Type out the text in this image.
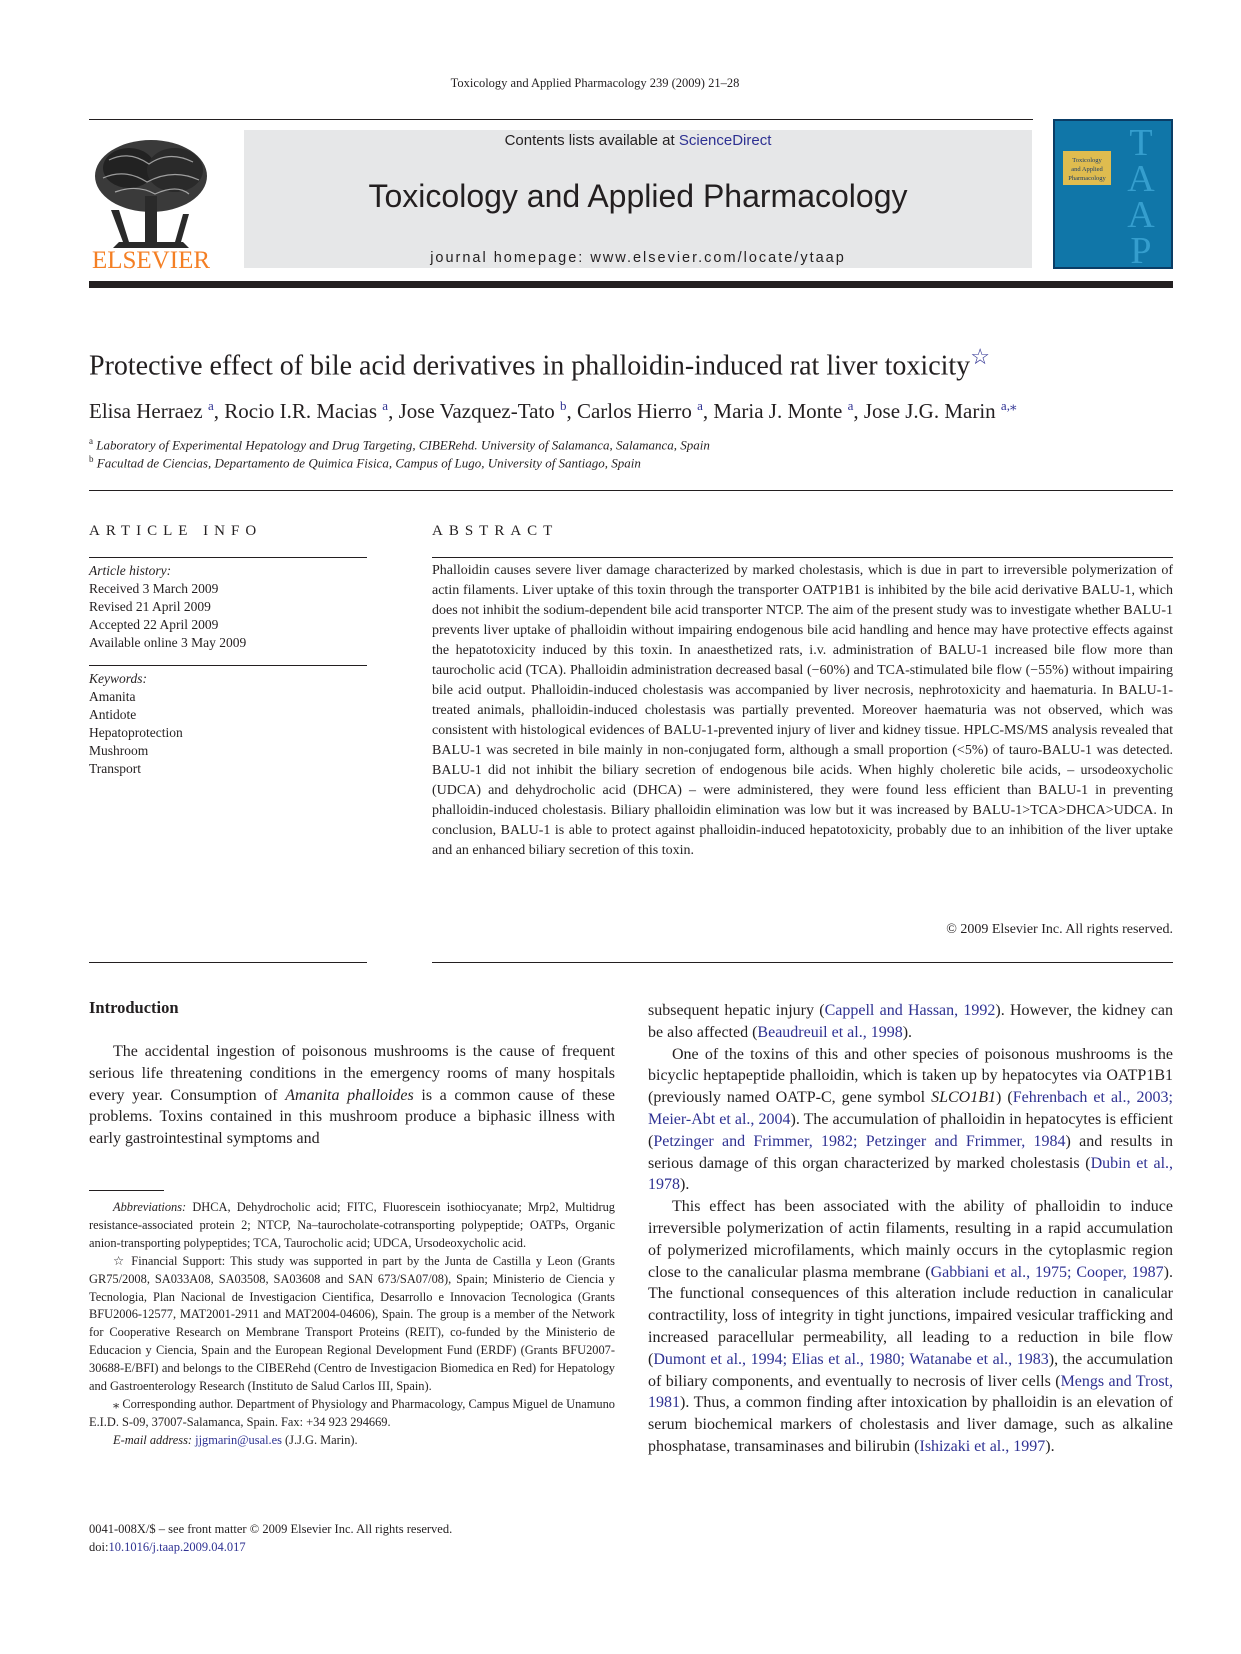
Toxicology and Applied Pharmacology 239 (2009) 21–28
ELSEVIER
Contents lists available at ScienceDirect
Toxicology and Applied Pharmacology
journal homepage: www.elsevier.com/locate/ytaap
T
A
A
P
Toxicology
and Applied
Pharmacology
Protective effect of bile acid derivatives in phalloidin-induced rat liver toxicity☆
Elisa Herraez $^a$, Rocio I.R. Macias $^a$, Jose Vazquez-Tato $^b$, Carlos Hierro $^a$, Maria J. Monte $^a$, Jose J.G. Marin $^{a,⁎}$
$^a$ Laboratory of Experimental Hepatology and Drug Targeting, CIBERehd. University of Salamanca, Salamanca, Spain
$^b$ Facultad de Ciencias, Departamento de Quimica Fisica, Campus of Lugo, University of Santiago, Spain
ARTICLE INFO
Article history:
Received 3 March 2009
Revised 21 April 2009
Accepted 22 April 2009
Available online 3 May 2009
Keywords:
Amanita
Antidote
Hepatoprotection
Mushroom
Transport
ABSTRACT
Phalloidin causes severe liver damage characterized by marked cholestasis, which is due in part to irreversible polymerization of actin filaments. Liver uptake of this toxin through the transporter OATP1B1 is inhibited by the bile acid derivative BALU-1, which does not inhibit the sodium-dependent bile acid transporter NTCP. The aim of the present study was to investigate whether BALU-1 prevents liver uptake of phalloidin without impairing endogenous bile acid handling and hence may have protective effects against the hepatotoxicity induced by this toxin. In anaesthetized rats, i.v. administration of BALU-1 increased bile flow more than taurocholic acid (TCA). Phalloidin administration decreased basal (−60%) and TCA-stimulated bile flow (−55%) without impairing bile acid output. Phalloidin-induced cholestasis was accompanied by liver necrosis, nephrotoxicity and haematuria. In BALU-1-treated animals, phalloidin-induced cholestasis was partially prevented. Moreover haematuria was not observed, which was consistent with histological evidences of BALU-1-prevented injury of liver and kidney tissue. HPLC-MS/MS analysis revealed that BALU-1 was secreted in bile mainly in non-conjugated form, although a small proportion (<5%) of tauro-BALU-1 was detected. BALU-1 did not inhibit the biliary secretion of endogenous bile acids. When highly choleretic bile acids, – ursodeoxycholic (UDCA) and dehydrocholic acid (DHCA) – were administered, they were found less efficient than BALU-1 in preventing phalloidin-induced cholestasis. Biliary phalloidin elimination was low but it was increased by BALU-1>TCA>DHCA>UDCA. In conclusion, BALU-1 is able to protect against phalloidin-induced hepatotoxicity, probably due to an inhibition of the liver uptake and an enhanced biliary secretion of this toxin.
© 2009 Elsevier Inc. All rights reserved.
Introduction

The accidental ingestion of poisonous mushrooms is the cause of frequent serious life threatening conditions in the emergency rooms of many hospitals every year. Consumption of Amanita phalloides is a common cause of these problems. Toxins contained in this mushroom produce a biphasic illness with early gastrointestinal symptoms and

Abbreviations: DHCA, Dehydrocholic acid; FITC, Fluorescein isothiocyanate; Mrp2, Multidrug resistance-associated protein 2; NTCP, Na–taurocholate-cotransporting polypeptide; OATPs, Organic anion-transporting polypeptides; TCA, Taurocholic acid; UDCA, Ursodeoxycholic acid.

☆ Financial Support: This study was supported in part by the Junta de Castilla y Leon (Grants GR75/2008, SA033A08, SA03508, SA03608 and SAN 673/SA07/08), Spain; Ministerio de Ciencia y Tecnologia, Plan Nacional de Investigacion Cientifica, Desarrollo e Innovacion Tecnologica (Grants BFU2006-12577, MAT2001-2911 and MAT2004-04606), Spain. The group is a member of the Network for Cooperative Research on Membrane Transport Proteins (REIT), co-funded by the Ministerio de Educacion y Ciencia, Spain and the European Regional Development Fund (ERDF) (Grants BFU2007-30688-E/BFI) and belongs to the CIBERehd (Centro de Investigacion Biomedica en Red) for Hepatology and Gastroenterology Research (Instituto de Salud Carlos III, Spain).

⁎ Corresponding author. Department of Physiology and Pharmacology, Campus Miguel de Unamuno E.I.D. S-09, 37007-Salamanca, Spain. Fax: +34 923 294669.

E-mail address: jjgmarin@usal.es (J.J.G. Marin).

0041-008X/$ – see front matter © 2009 Elsevier Inc. All rights reserved.
doi:10.1016/j.taap.2009.04.017

subsequent hepatic injury (Cappell and Hassan, 1992). However, the kidney can be also affected (Beaudreuil et al., 1998).

One of the toxins of this and other species of poisonous mushrooms is the bicyclic heptapeptide phalloidin, which is taken up by hepatocytes via OATP1B1 (previously named OATP-C, gene symbol SLCO1B1) (Fehrenbach et al., 2003; Meier-Abt et al., 2004). The accumulation of phalloidin in hepatocytes is efficient (Petzinger and Frimmer, 1982; Petzinger and Frimmer, 1984) and results in serious damage of this organ characterized by marked cholestasis (Dubin et al., 1978).

This effect has been associated with the ability of phalloidin to induce irreversible polymerization of actin filaments, resulting in a rapid accumulation of polymerized microfilaments, which mainly occurs in the cytoplasmic region close to the canalicular plasma membrane (Gabbiani et al., 1975; Cooper, 1987). The functional consequences of this alteration include reduction in canalicular contractility, loss of integrity in tight junctions, impaired vesicular trafficking and increased paracellular permeability, all leading to a reduction in bile flow (Dumont et al., 1994; Elias et al., 1980; Watanabe et al., 1983), the accumulation of biliary components, and eventually to necrosis of liver cells (Mengs and Trost, 1981). Thus, a common finding after intoxication by phalloidin is an elevation of serum biochemical markers of cholestasis and liver damage, such as alkaline phosphatase, transaminases and bilirubin (Ishizaki et al., 1997).
